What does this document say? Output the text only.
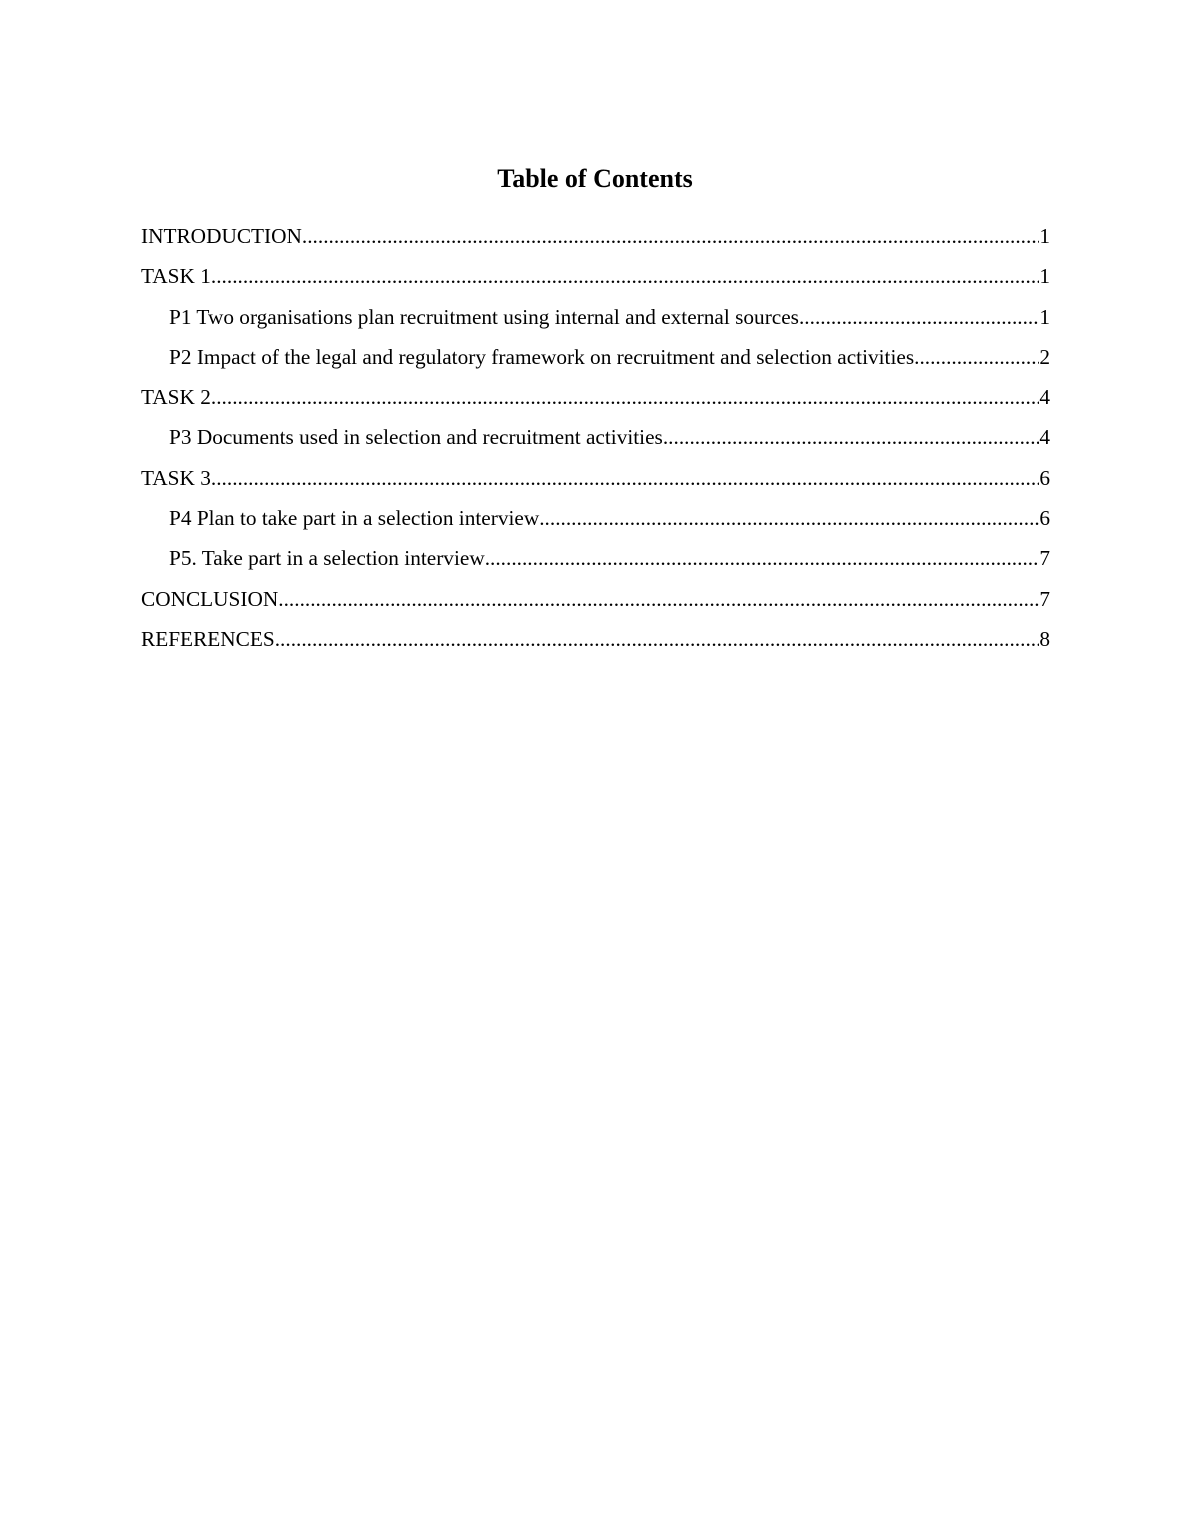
Table of Contents
INTRODUCTION .....	1
TASK 1 .....	1
P1 Two organisations plan recruitment using internal and external sources .....	1
P2 Impact of the legal and regulatory framework on recruitment and selection activities .....	2
TASK 2 .....	4
P3 Documents used in selection and recruitment activities .....	4
TASK 3 .....	6
P4 Plan to take part in a selection interview .....	6
P5. Take part in a selection interview .....	7
CONCLUSION .....	7
REFERENCES .....	8
